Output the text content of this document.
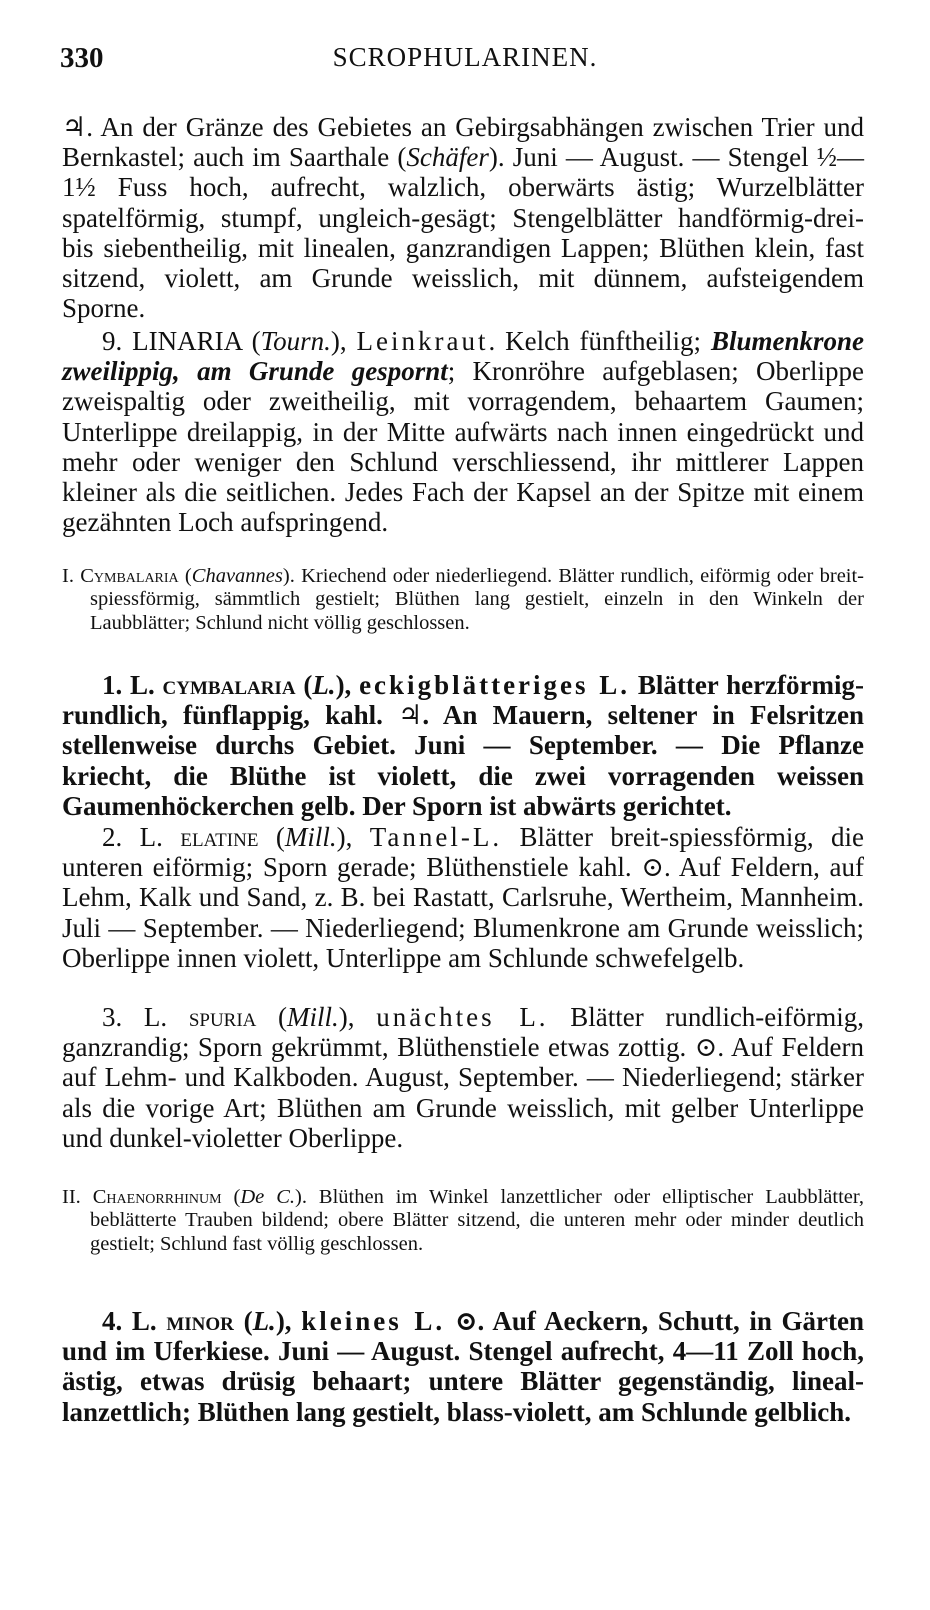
330	SCROPHULARINEN.

♃. An der Gränze des Gebietes an Gebirgsabhängen zwischen Trier und Bernkastel; auch im Saarthale (Schäfer). Juni — August. — Stengel ½—1½ Fuss hoch, aufrecht, walzlich, oberwärts ästig; Wurzelblätter spatelförmig, stumpf, ungleich-gesägt; Stengelblätter handförmig-drei- bis siebentheilig, mit linealen, ganzrandigen Lappen; Blüthen klein, fast sitzend, violett, am Grunde weisslich, mit dünnem, aufsteigendem Sporne.

9. LINARIA (Tourn.), Leinkraut. Kelch fünftheilig; Blumenkrone zweilippig, am Grunde gespornt; Kronröhre aufgeblasen; Oberlippe zweispaltig oder zweitheilig, mit vorragendem, behaartem Gaumen; Unterlippe dreilappig, in der Mitte aufwärts nach innen eingedrückt und mehr oder weniger den Schlund verschliessend, ihr mittlerer Lappen kleiner als die seitlichen. Jedes Fach der Kapsel an der Spitze mit einem gezähnten Loch aufspringend.

I. Cymbalaria (Chavannes). Kriechend oder niederliegend. Blätter rundlich, eiförmig oder breit-spiessförmig, sämmtlich gestielt; Blüthen lang gestielt, einzeln in den Winkeln der Laubblätter; Schlund nicht völlig geschlossen.

1. L. cymbalaria (L.), eckigblätteriges L. Blätter herzförmig-rundlich, fünflappig, kahl. ♃. An Mauern, seltener in Felsritzen stellenweise durchs Gebiet. Juni — September. — Die Pflanze kriecht, die Blüthe ist violett, die zwei vorragenden weissen Gaumenhöckerchen gelb. Der Sporn ist abwärts gerichtet.

2. L. elatine (Mill.), Tannel-L. Blätter breit-spiessförmig, die unteren eiförmig; Sporn gerade; Blüthenstiele kahl. ⊙. Auf Feldern, auf Lehm, Kalk und Sand, z. B. bei Rastatt, Carlsruhe, Wertheim, Mannheim. Juli — September. — Niederliegend; Blumenkrone am Grunde weisslich; Oberlippe innen violett, Unterlippe am Schlunde schwefelgelb.

3. L. spuria (Mill.), unächtes L. Blätter rundlich-eiförmig, ganzrandig; Sporn gekrümmt, Blüthenstiele etwas zottig. ⊙. Auf Feldern auf Lehm- und Kalkboden. August, September. — Niederliegend; stärker als die vorige Art; Blüthen am Grunde weisslich, mit gelber Unterlippe und dunkel-violetter Oberlippe.

II. Chaenorrhinum (De C.). Blüthen im Winkel lanzettlicher oder elliptischer Laubblätter, beblätterte Trauben bildend; obere Blätter sitzend, die unteren mehr oder minder deutlich gestielt; Schlund fast völlig geschlossen.

4. L. minor (L.), kleines L. ⊙. Auf Aeckern, Schutt, in Gärten und im Uferkiese. Juni — August. Stengel aufrecht, 4—11 Zoll hoch, ästig, etwas drüsig behaart; untere Blätter gegenständig, lineal-lanzettlich; Blüthen lang gestielt, blass-violett, am Schlunde gelblich.
